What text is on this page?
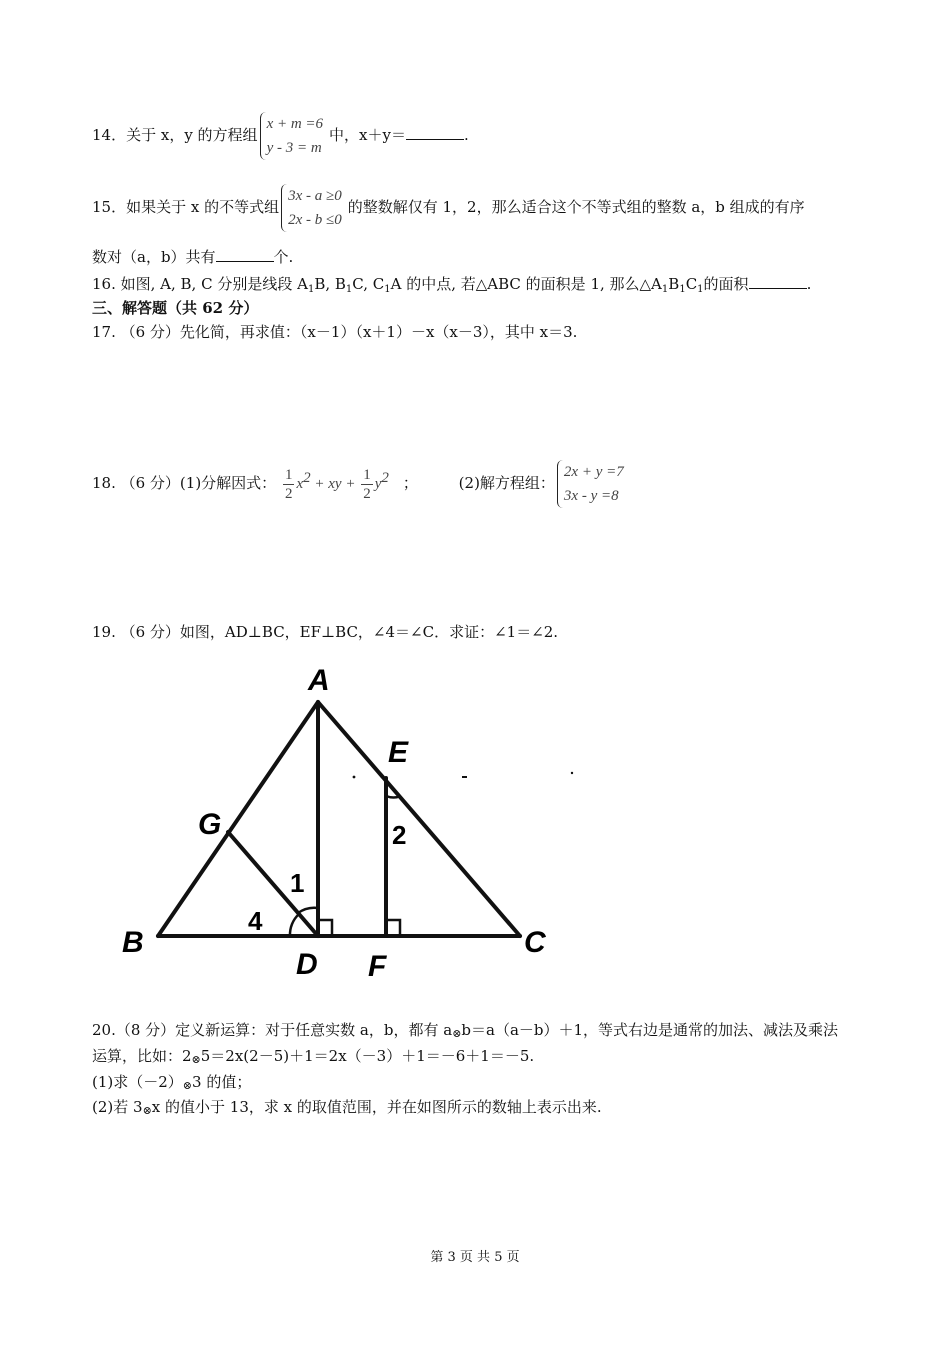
14．关于 x，y 的方程组
x + m =6
y - 3 = m
中，x＋y＝	.
15．如果关于 x 的不等式组
3x - a ≥0
2x - b ≤0
的整数解仅有 1，2，那么适合这个不等式组的整数 a，b 组成的有序
数对（a，b）共有	个.
16. 如图, A, B, C 分别是线段 $A_1B$, $B_1C$, $C_1A$ 的中点, 若△ABC 的面积是 1, 那么$\triangle A_1B_1C_1$的面积	.
三、解答题（共 62 分）
17. （6 分）先化简，再求值：（x－1）（x＋1）－x（x－3），其中 x＝3.
18. （6 分）(1)分解因式： $\frac{1}{2} x^2$ + xy + $\frac{1}{2} y^2$ ；	(2)解方程组：
2x + y =7
3x - y =8
19. （6 分）如图，AD⊥BC，EF⊥BC，∠4＝∠C．求证：∠1＝∠2.
A
E
G
B
D F
C
1
2
4
20.（8 分）定义新运算：对于任意实数 a，b，都有 a⊗b＝a（a－b）＋1，等式右边是通常的加法、减法及乘法
运算，比如：2⊗5＝2x(2－5)＋1＝2x（－3）＋1＝－6＋1＝－5.
(1)求（－2）⊗3 的值；
(2)若 3⊗x 的值小于 13，求 x 的取值范围，并在如图所示的数轴上表示出来.
第 3 页 共 5 页
